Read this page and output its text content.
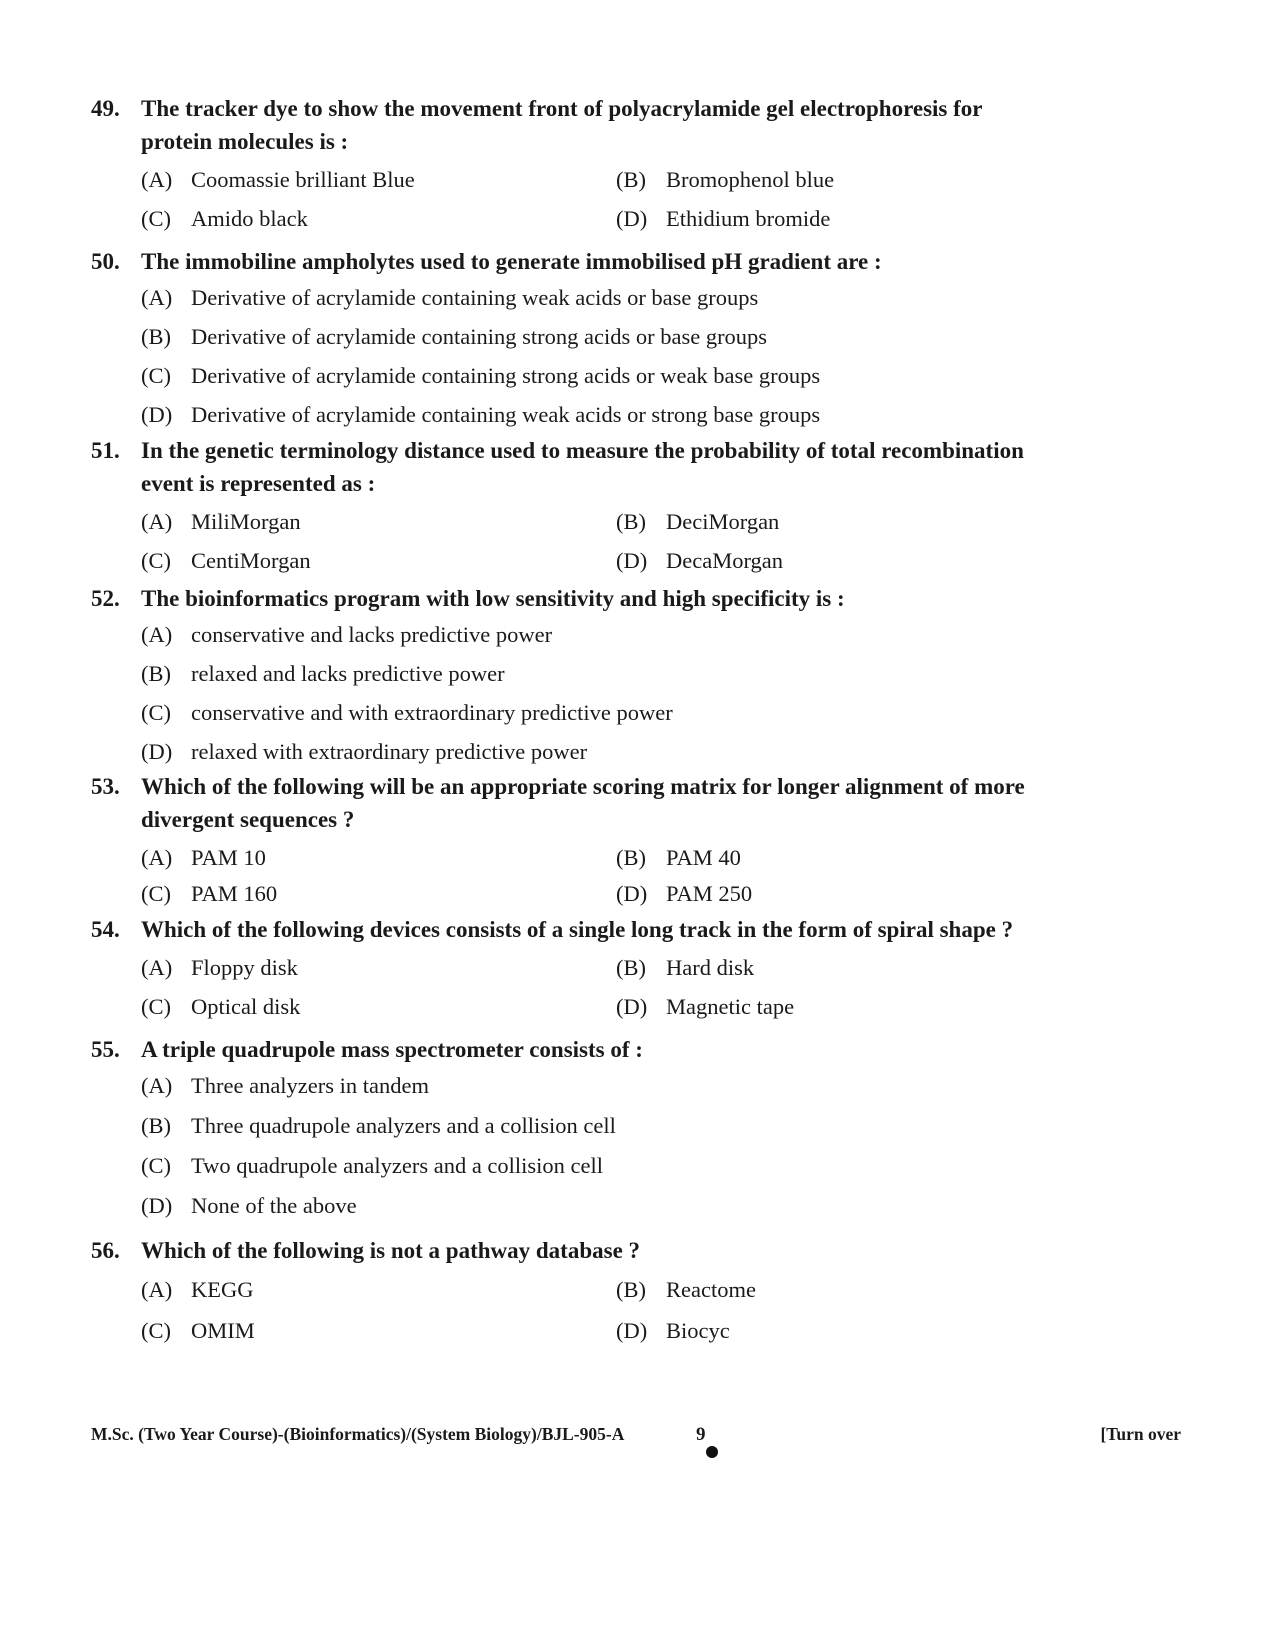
49. The tracker dye to show the movement front of polyacrylamide gel electrophoresis for
protein molecules is :
(A) Coomassie brilliant Blue	(B) Bromophenol blue
(C) Amido black	(D) Ethidium bromide
50. The immobiline ampholytes used to generate immobilised pH gradient are :
(A) Derivative of acrylamide containing weak acids or base groups
(B) Derivative of acrylamide containing strong acids or base groups
(C) Derivative of acrylamide containing strong acids or weak base groups
(D) Derivative of acrylamide containing weak acids or strong base groups
51. In the genetic terminology distance used to measure the probability of total recombination
event is represented as :
(A) MiliMorgan	(B) DeciMorgan
(C) CentiMorgan	(D) DecaMorgan
52. The bioinformatics program with low sensitivity and high specificity is :
(A) conservative and lacks predictive power
(B) relaxed and lacks predictive power
(C) conservative and with extraordinary predictive power
(D) relaxed with extraordinary predictive power
53. Which of the following will be an appropriate scoring matrix for longer alignment of more
divergent sequences ?
(A) PAM 10	(B) PAM 40
(C) PAM 160	(D) PAM 250
54. Which of the following devices consists of a single long track in the form of spiral shape ?
(A) Floppy disk	(B) Hard disk
(C) Optical disk	(D) Magnetic tape
55. A triple quadrupole mass spectrometer consists of :
(A) Three analyzers in tandem
(B) Three quadrupole analyzers and a collision cell
(C) Two quadrupole analyzers and a collision cell
(D) None of the above
56. Which of the following is not a pathway database ?
(A) KEGG	(B) Reactome
(C) OMIM	(D) Biocyc
M.Sc. (Two Year Course)-(Bioinformatics)/(System Biology)/BJL-905-A	9	[Turn over
